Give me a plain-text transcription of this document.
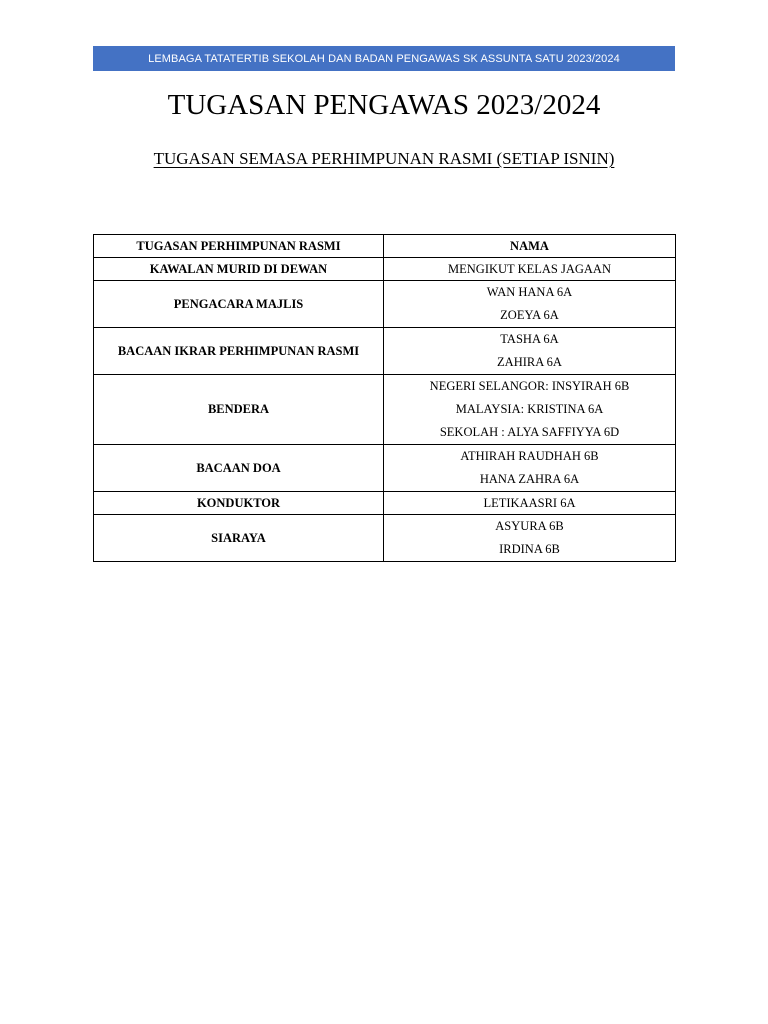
LEMBAGA TATATERTIB SEKOLAH DAN BADAN PENGAWAS SK ASSUNTA SATU 2023/2024
TUGASAN PENGAWAS 2023/2024
TUGASAN SEMASA PERHIMPUNAN RASMI (SETIAP ISNIN)
TUGASAN PERHIMPUNAN RASMI	NAMA
KAWALAN MURID DI DEWAN	MENGIKUT KELAS JAGAAN

PENGACARA MAJLIS	WAN HANA 6A
ZOEYA 6A

BACAAN IKRAR PERHIMPUNAN RASMI	TASHA 6A
ZAHIRA 6A

BENDERA	NEGERI SELANGOR: INSYIRAH 6B
MALAYSIA: KRISTINA 6A
SEKOLAH : ALYA SAFFIYYA 6D

BACAAN DOA	ATHIRAH RAUDHAH 6B
HANA ZAHRA 6A

KONDUKTOR	LETIKAASRI 6A

SIARAYA	ASYURA 6B
IRDINA 6B
